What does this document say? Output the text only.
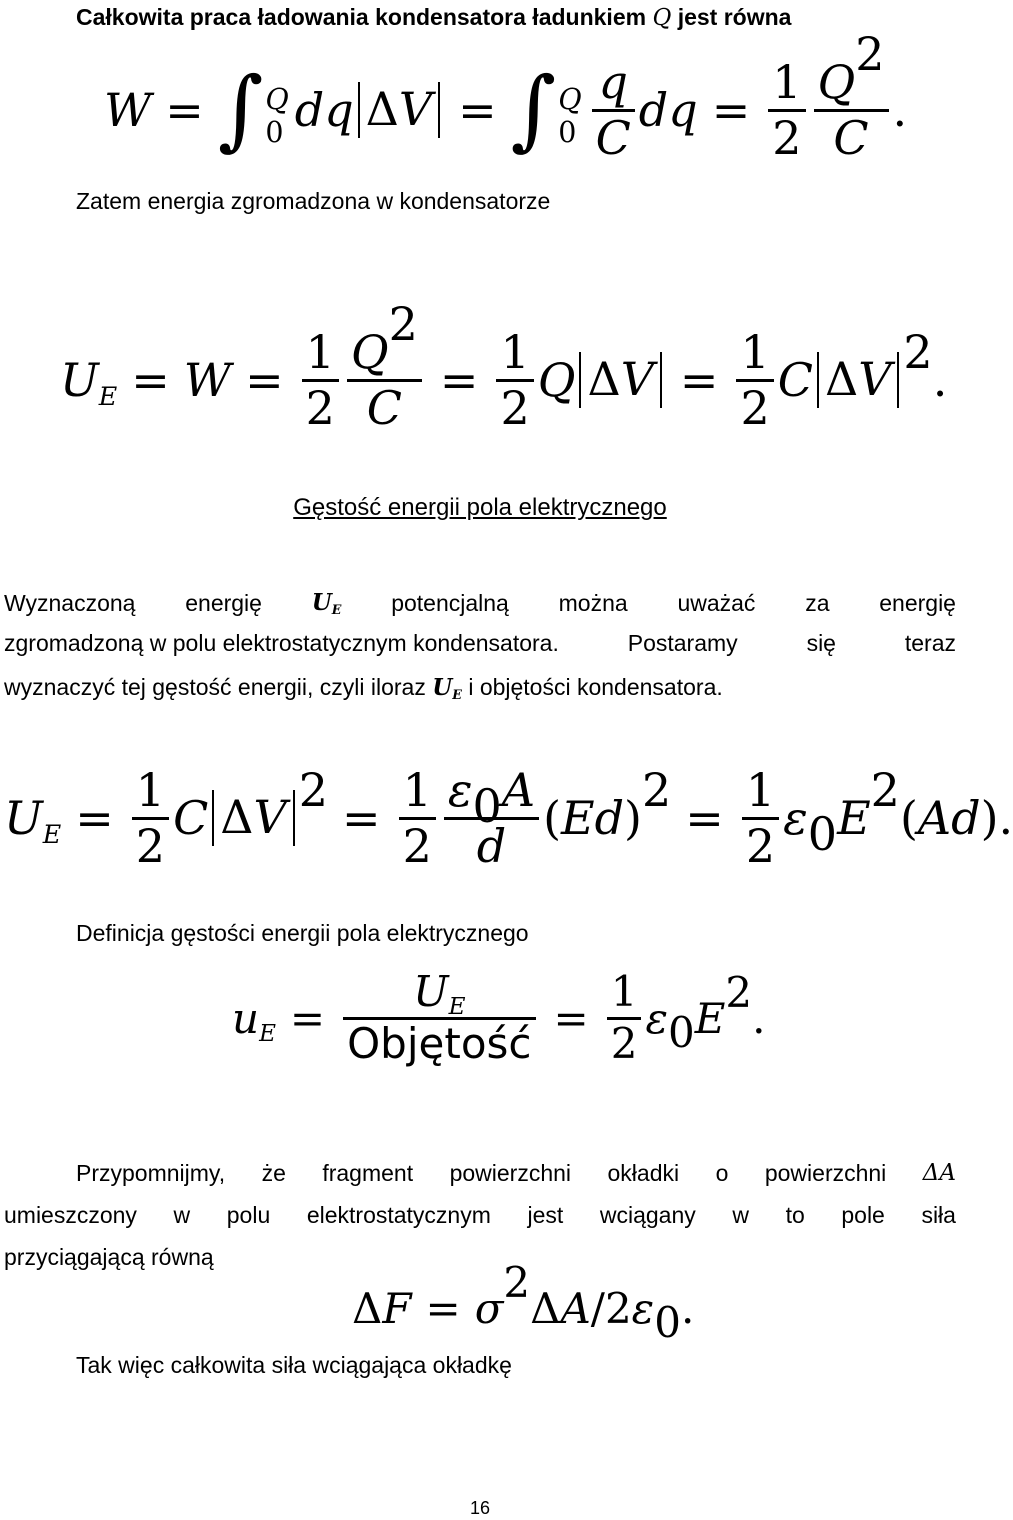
Całkowita praca ładowania kondensatora ładunkiem Q jest równa
W = ∫ Q
0 dq ΔV = ∫ Q
$0 \frac{q}{C}$ dq = $\frac{1}{2} \frac{Q2}{C}$ .
Zatem energia zgromadzona w kondensatorze
UE = $W = \frac{1}{2} \frac{Q2}{C} = \frac{1}{2}$ Q $\Delta V = \frac{1}{2}$ C ΔV 2
.
Gęstość energii pola elektrycznego
Wyznaczoną energię UE potencjalną można uważać za energię
zgromadzoną w polu elektrostatycznym kondensatora.	Postaramy	się	teraz
wyznaczyć tej gęstość energii, czyli iloraz UE i objętości kondensatora.
UE = $\frac{1}{2}$ C ΔV 2
= $\frac{1}{2} \frac{\varepsilon 0A}{d}$ ( Ed )
2
= $\frac{1}{2}$ ε 0 E
2
( Ad ).
Definicja gęstości energii pola elektrycznego
uE = $\frac{UE}{\text{Objętość}} = \frac{1}{2}$ ε 0 E
2
.
Przypomnijmy, że fragment powierzchni okładki o powierzchni ΔA
umieszczony w polu elektrostatycznym jest wciągany w to pole siła
przyciągającą równą
Δ F = σ
2
Δ A /2 ε 0 .
Tak więc całkowita siła wciągająca okładkę
16
